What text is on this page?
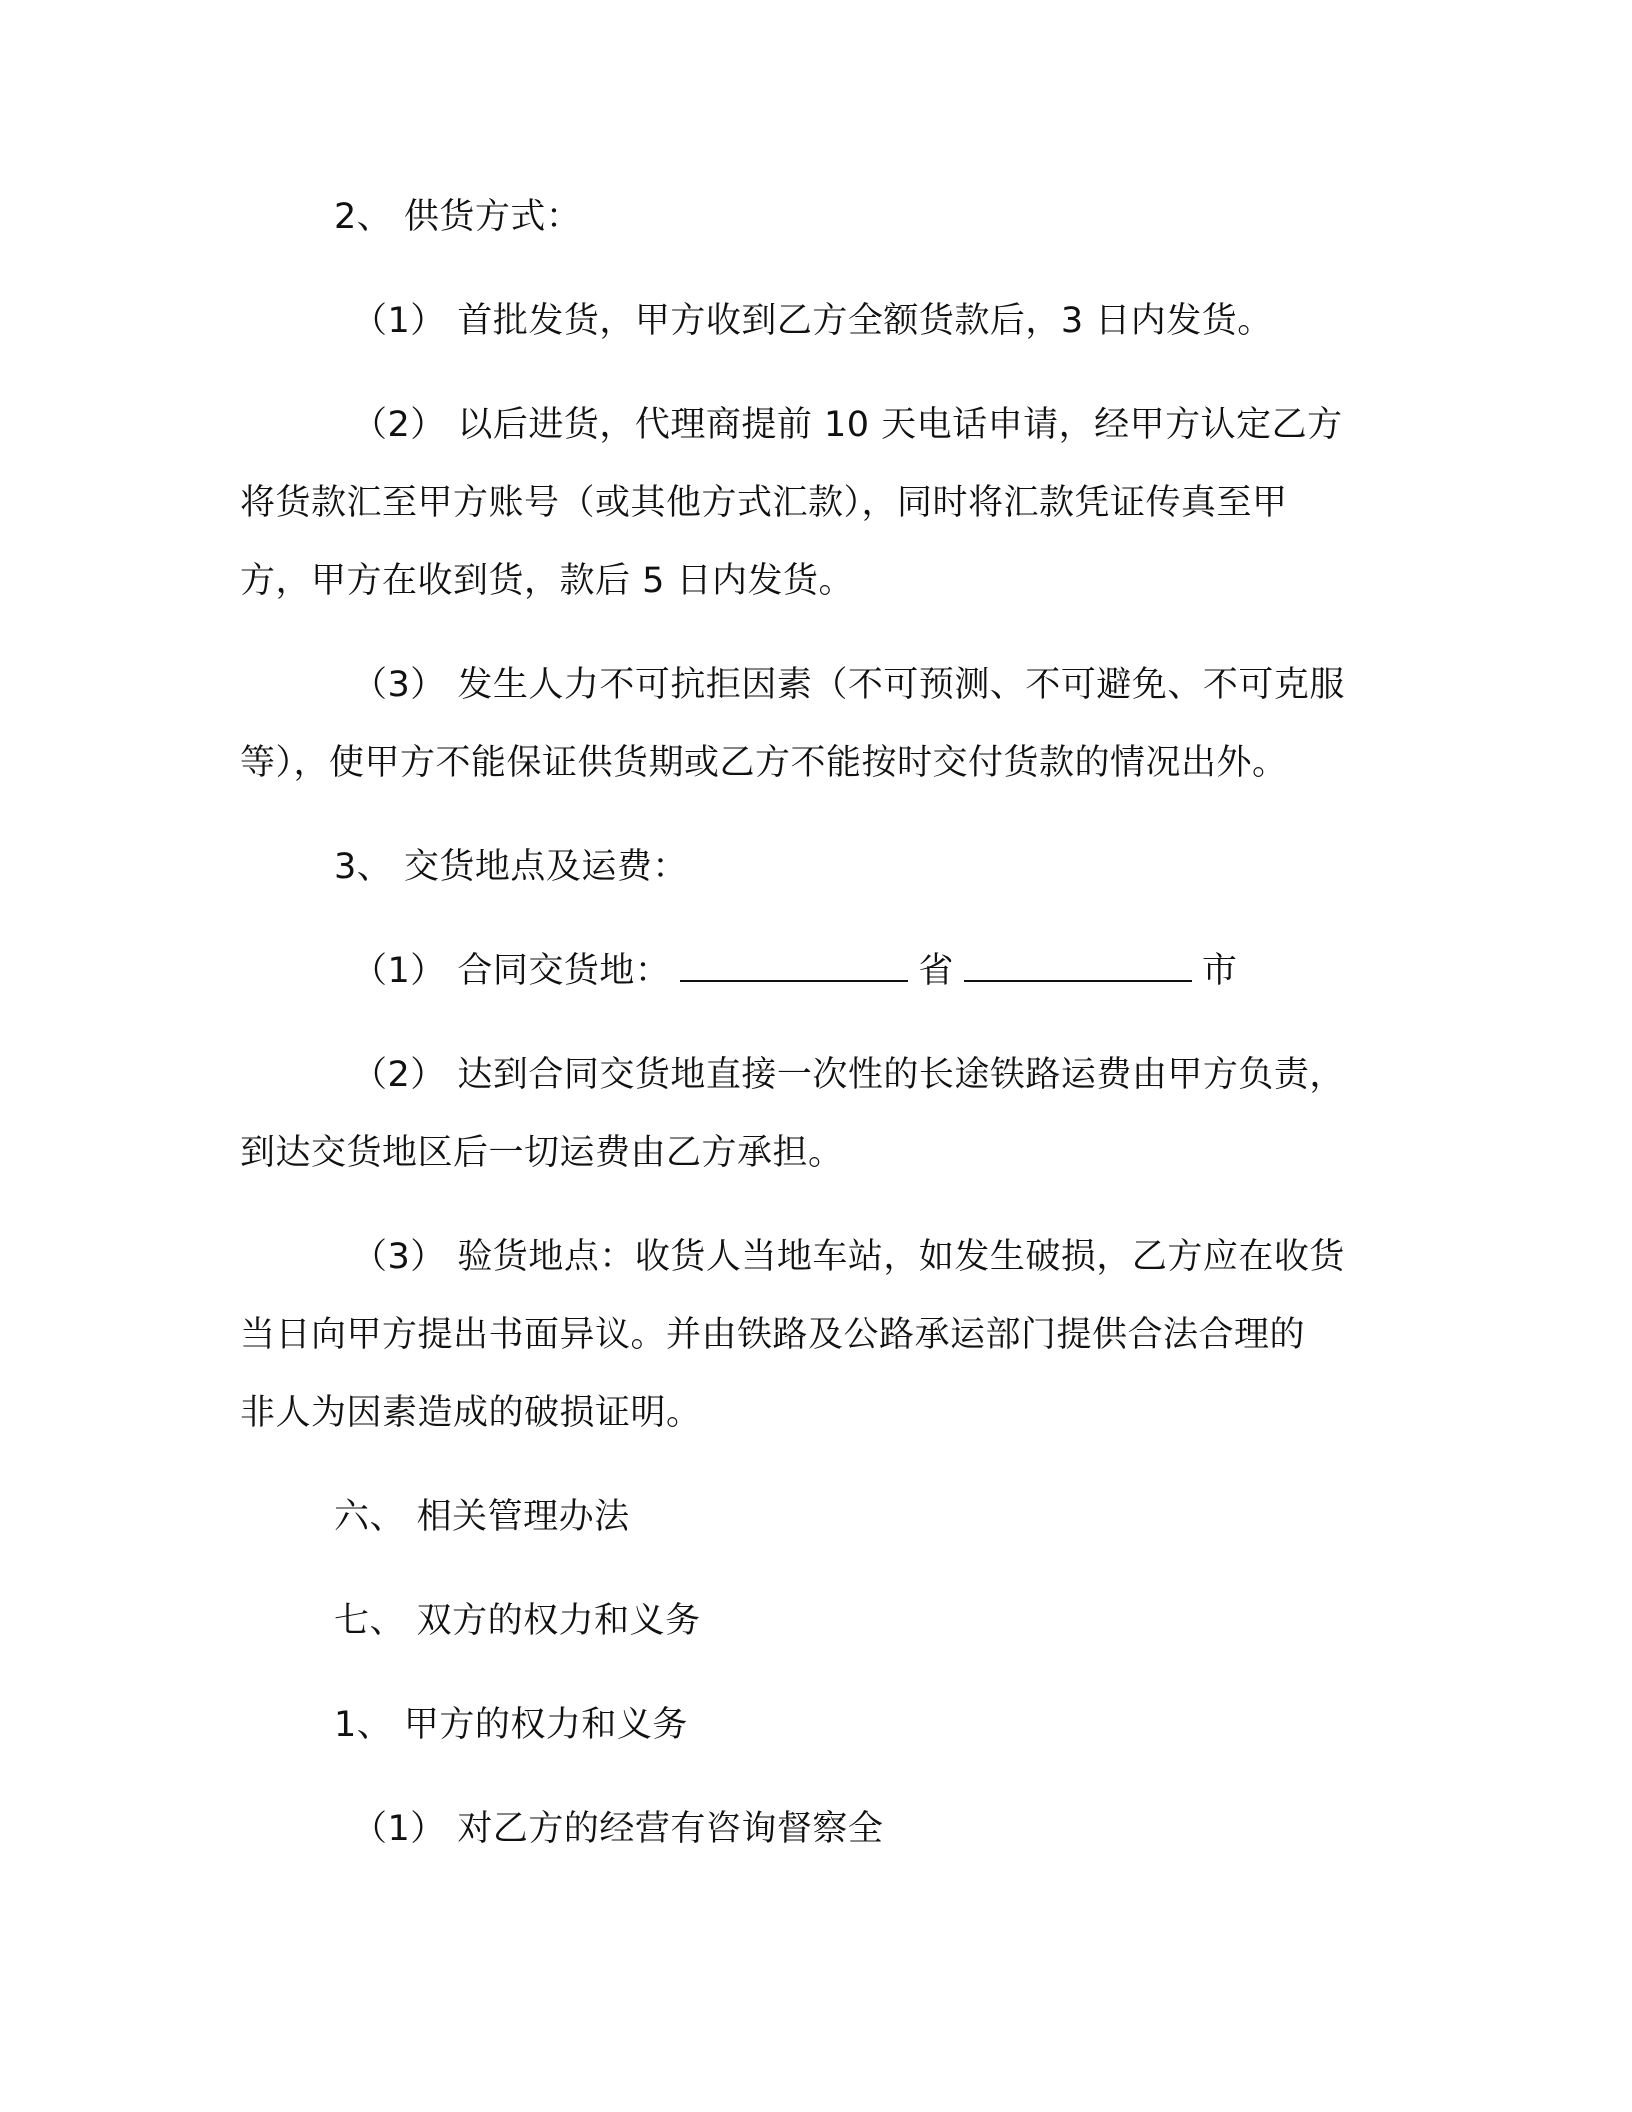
2、 供货方式：
（1） 首批发货，甲方收到乙方全额货款后，3 日内发货。
（2） 以后进货，代理商提前 10 天电话申请，经甲方认定乙方
将货款汇至甲方账号（或其他方式汇款），同时将汇款凭证传真至甲
方，甲方在收到货，款后 5 日内发货。
（3） 发生人力不可抗拒因素（不可预测、不可避免、不可克服
等），使甲方不能保证供货期或乙方不能按时交付货款的情况出外。
3、 交货地点及运费：
（1） 合同交货地：	省	市
（2） 达到合同交货地直接一次性的长途铁路运费由甲方负责，
到达交货地区后一切运费由乙方承担。
（3） 验货地点：收货人当地车站，如发生破损，乙方应在收货
当日向甲方提出书面异议。并由铁路及公路承运部门提供合法合理的
非人为因素造成的破损证明。
六、 相关管理办法
七、 双方的权力和义务
1、 甲方的权力和义务
（1） 对乙方的经营有咨询督察全
